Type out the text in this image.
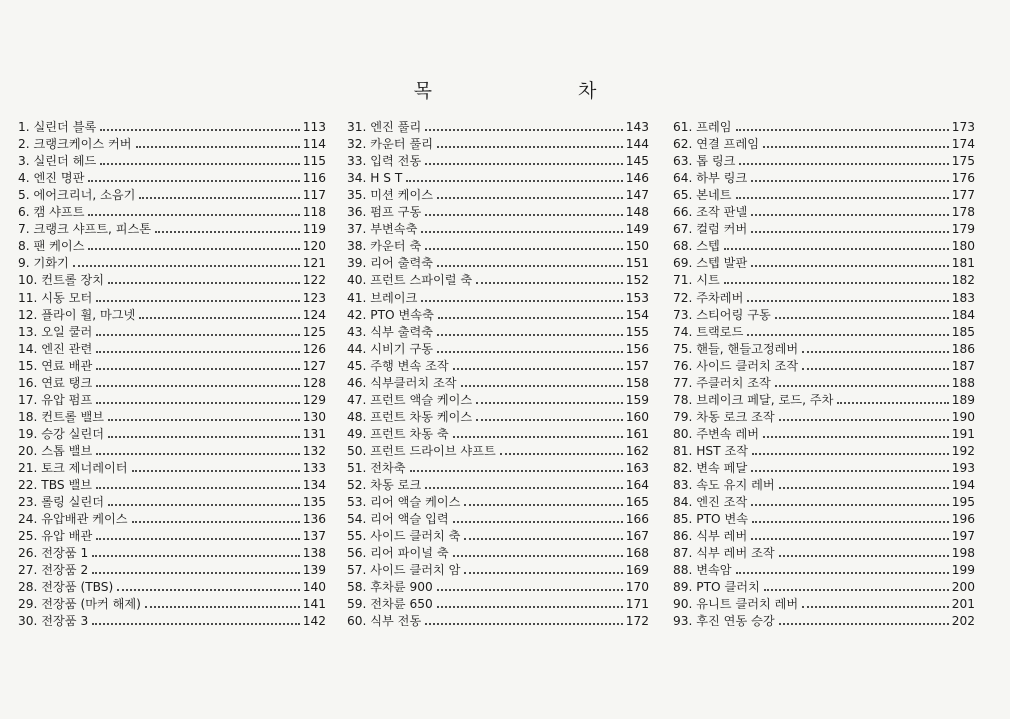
목 차
1. 실린더 블록	113
2. 크랭크케이스 커버	114
3. 실린더 헤드	115
4. 엔진 명판	116
5. 에어크리너, 소음기	117
6. 캠 샤프트	118
7. 크랭크 샤프트, 피스톤	119
8. 팬 케이스	120
9. 기화기	121
10. 컨트롤 장치	122
11. 시동 모터	123
12. 플라이 휠, 마그넷	124
13. 오일 쿨러	125
14. 엔진 관련	126
15. 연료 배관	127
16. 연료 탱크	128
17. 유압 펌프	129
18. 컨트롤 밸브	130
19. 승강 실린더	131
20. 스톱 밸브	132
21. 토크 제너레이터	133
22. TBS 밸브	134
23. 롤링 실린더	135
24. 유압배관 케이스	136
25. 유압 배관	137
26. 전장품 1	138
27. 전장품 2	139
28. 전장품 (TBS)	140
29. 전장품 (마커 해제)	141
30. 전장품 3	142
31. 엔진 풀리	143
32. 카운터 풀리	144
33. 입력 전동	145
34. H S T	146
35. 미션 케이스	147
36. 펌프 구동	148
37. 부변속축	149
38. 카운터 축	150
39. 리어 출력축	151
40. 프런트 스파이럴 축	152
41. 브레이크	153
42. PTO 변속축	154
43. 식부 출력축	155
44. 시비기 구동	156
45. 주행 변속 조작	157
46. 식부클러치 조작	158
47. 프런트 액슬 케이스	159
48. 프런트 차동 케이스	160
49. 프런트 차동 축	161
50. 프런트 드라이브 샤프트	162
51. 전차축	163
52. 차동 로크	164
53. 리어 액슬 케이스	165
54. 리어 액슬 입력	166
55. 사이드 클러치 축	167
56. 리어 파이널 축	168
57. 사이드 클러치 암	169
58. 후차륜 900	170
59. 전차륜 650	171
60. 식부 전동	172
61. 프레임	173
62. 연결 프레임	174
63. 톱 링크	175
64. 하부 링크	176
65. 본네트	177
66. 조작 판넬	178
67. 컬럼 커버	179
68. 스텝	180
69. 스텝 발판	181
71. 시트	182
72. 주차레버	183
73. 스티어링 구동	184
74. 트랙로드	185
75. 핸들, 핸들고정레버	186
76. 사이드 클러치 조작	187
77. 주클러치 조작	188
78. 브레이크 페달, 로드, 주차	189
79. 차동 로크 조작	190
80. 주변속 레버	191
81. HST 조작	192
82. 변속 페달	193
83. 속도 유지 레버	194
84. 엔진 조작	195
85. PTO 변속	196
86. 식부 레버	197
87. 식부 레버 조작	198
88. 변속암	199
89. PTO 클러치	200
90. 유니트 클러치 레버	201
93. 후진 연동 승강	202
